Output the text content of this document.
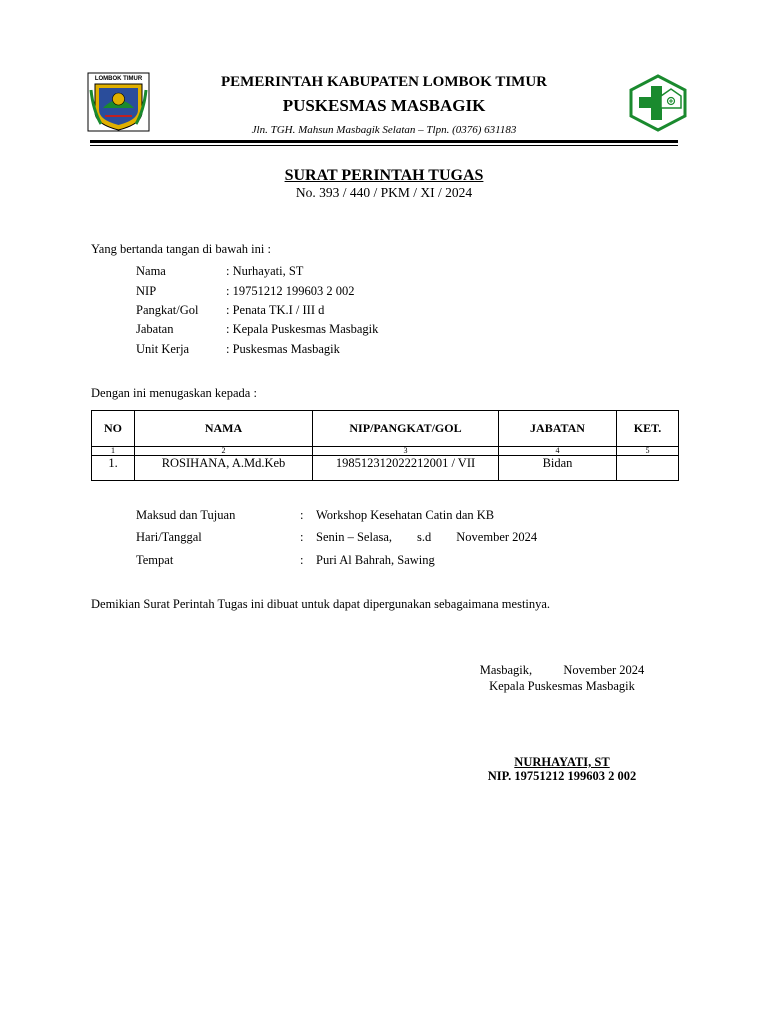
LOMBOK TIMUR	PEMERINTAH KABUPATEN LOMBOK TIMUR
PUSKESMAS MASBAGIK
Jln. TGH. Mahsun Masbagik Selatan – Tlpn. (0376) 631183
SURAT PERINTAH TUGAS
No. 393 / 440 / PKM / XI / 2024
Yang bertanda tangan di bawah ini :
Nama	: Nurhayati, ST
NIP	: 19751212 199603 2 002
Pangkat/Gol : Penata TK.I / III d
Jabatan	: Kepala Puskesmas Masbagik
Unit Kerja	: Puskesmas Masbagik
Dengan ini menugaskan kepada :
NO	NAMA	NIP/PANGKAT/GOL	JABATAN	KET.
1	2	3	4	5
1.	ROSIHANA, A.Md.Keb	198512312022212001 / VII	Bidan	
Maksud dan Tujuan	: Workshop Kesehatan Catin dan KB
Hari/Tanggal	: Senin – Selasa,        s.d        November 2024
Tempat	: Puri Al Bahrah, Sawing
Demikian Surat Perintah Tugas ini dibuat untuk dapat dipergunakan sebagaimana mestinya.
Masbagik,          November 2024
Kepala Puskesmas Masbagik
NURHAYATI, ST
NIP. 19751212 199603 2 002
